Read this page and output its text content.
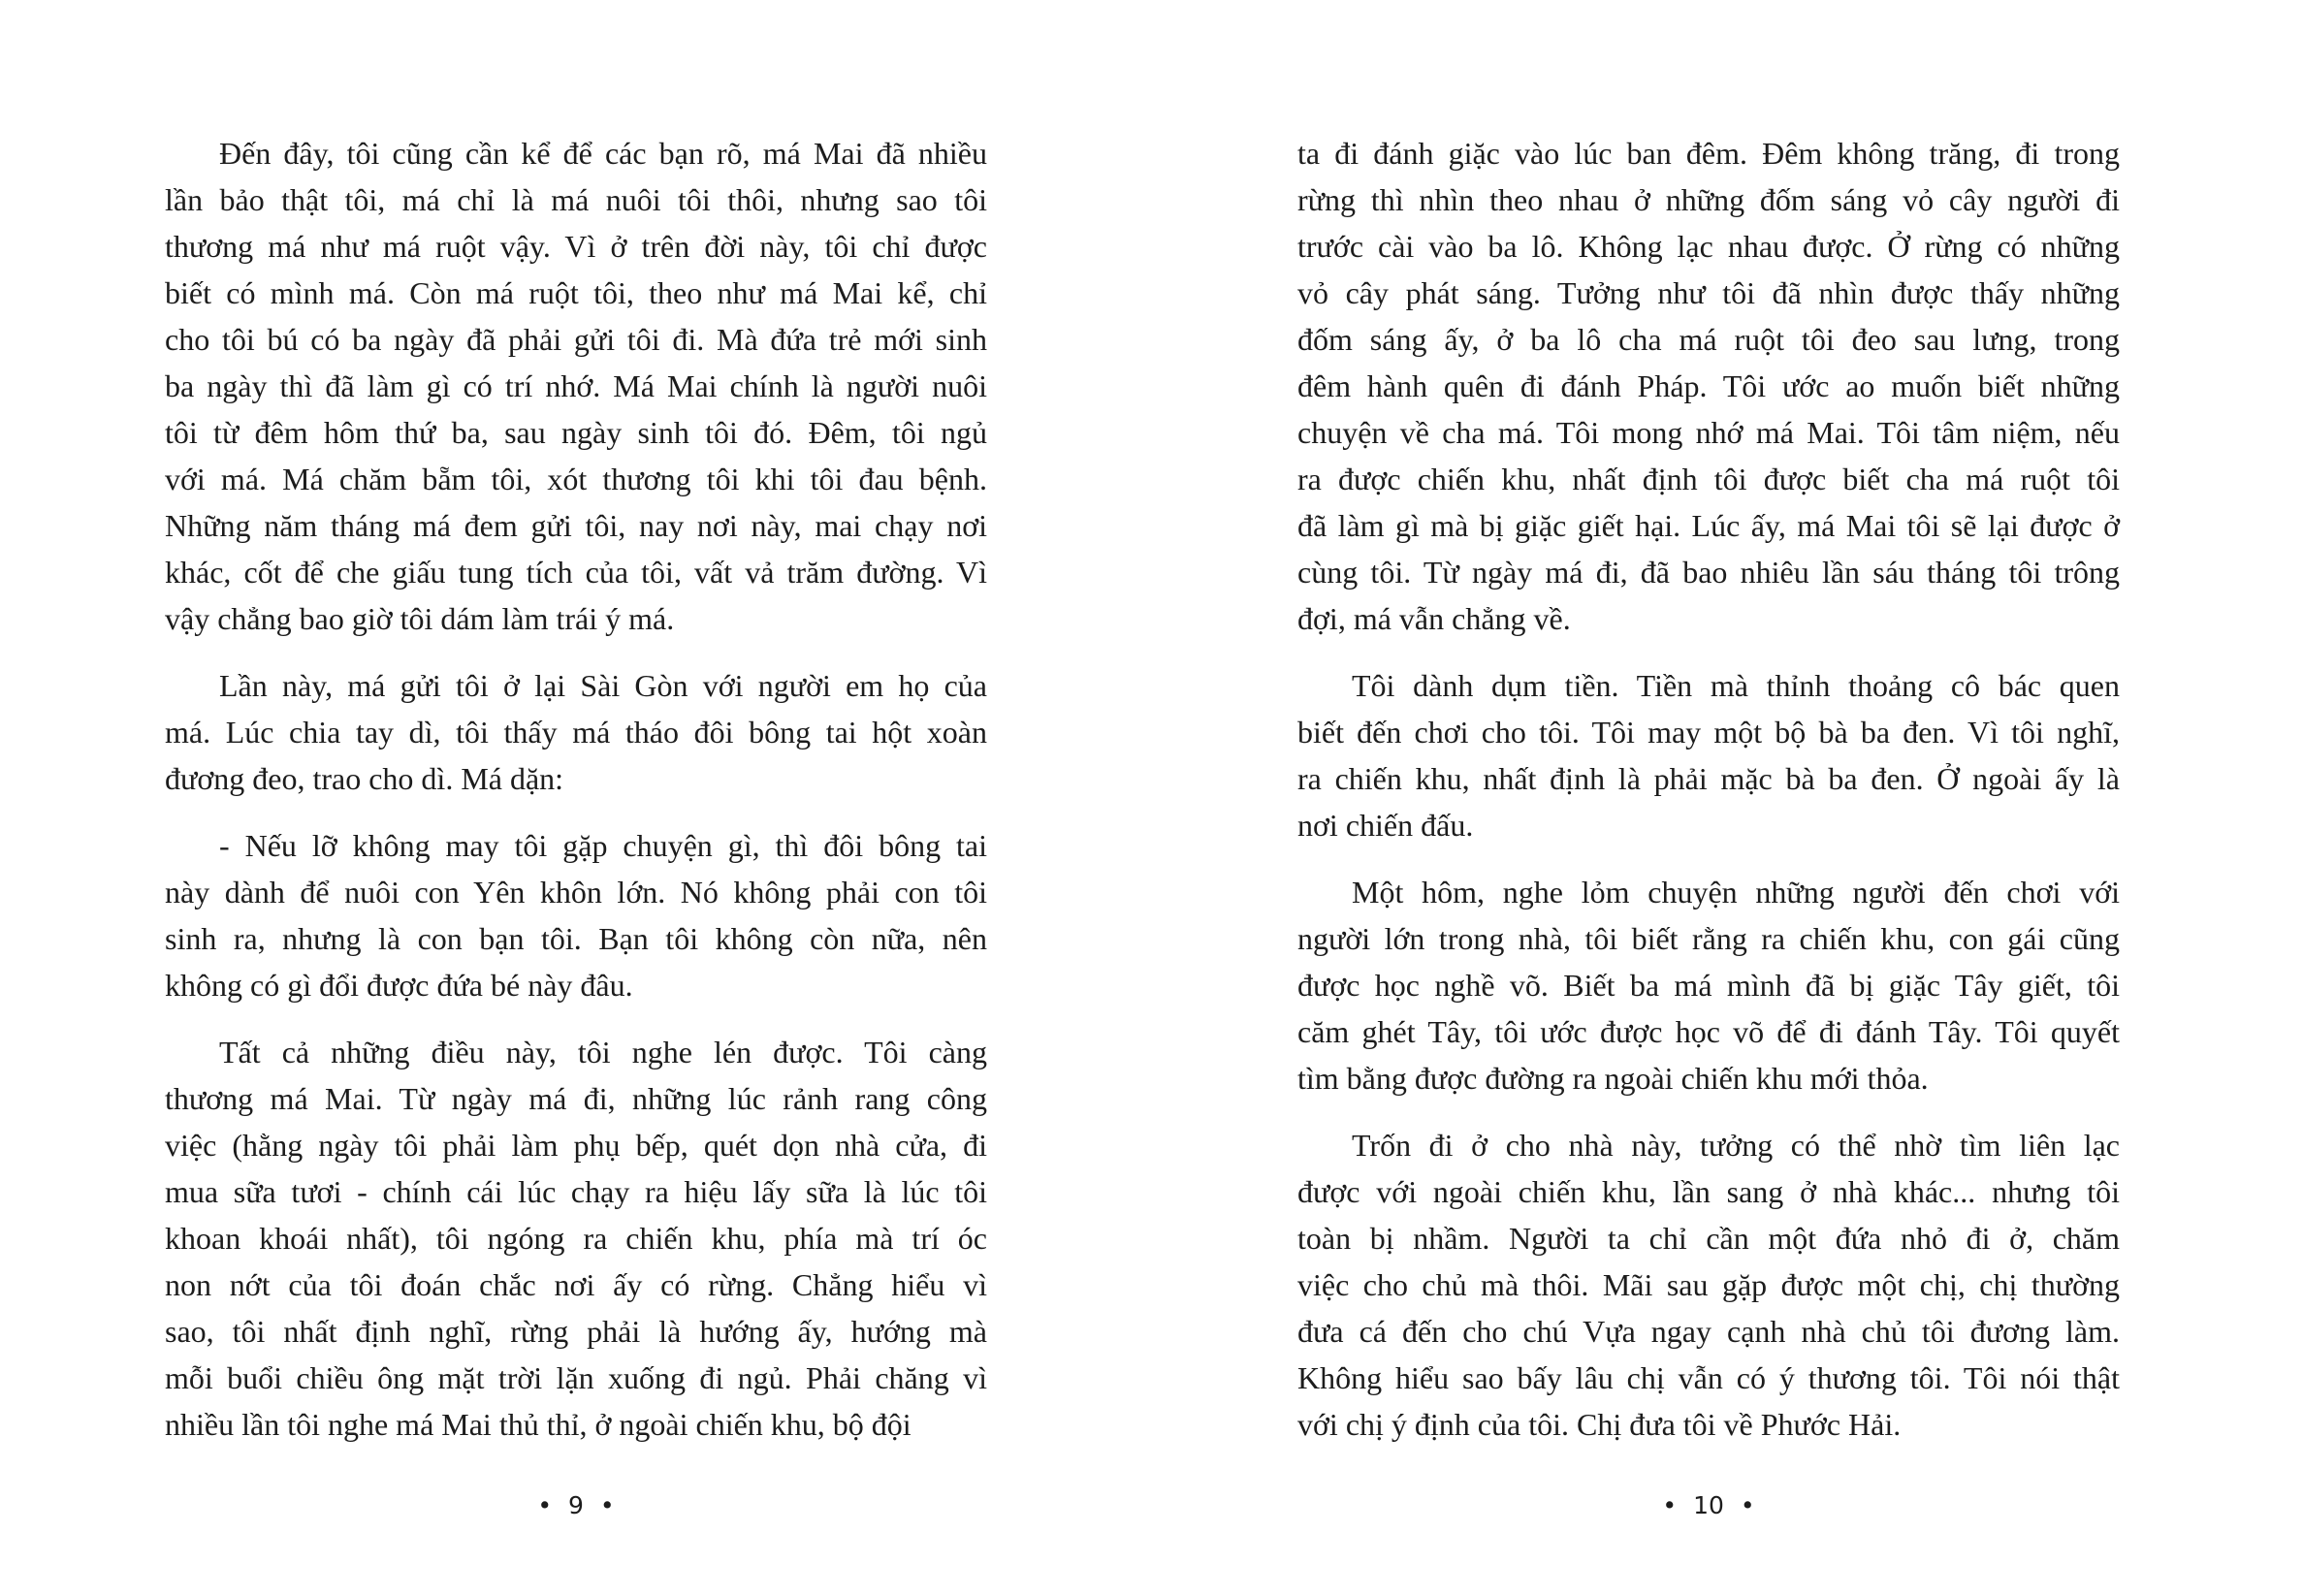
Đến đây, tôi cũng cần kể để các bạn rõ, má Mai đã nhiều
lần bảo thật tôi, má chỉ là má nuôi tôi thôi, nhưng sao tôi
thương má như má ruột vậy. Vì ở trên đời này, tôi chỉ được
biết có mình má. Còn má ruột tôi, theo như má Mai kể, chỉ
cho tôi bú có ba ngày đã phải gửi tôi đi. Mà đứa trẻ mới sinh
ba ngày thì đã làm gì có trí nhớ. Má Mai chính là người nuôi
tôi từ đêm hôm thứ ba, sau ngày sinh tôi đó. Đêm, tôi ngủ
với má. Má chăm bẵm tôi, xót thương tôi khi tôi đau bệnh.
Những năm tháng má đem gửi tôi, nay nơi này, mai chạy nơi
khác, cốt để che giấu tung tích của tôi, vất vả trăm đường. Vì
vậy chẳng bao giờ tôi dám làm trái ý má.
Lần này, má gửi tôi ở lại Sài Gòn với người em họ của
má. Lúc chia tay dì, tôi thấy má tháo đôi bông tai hột xoàn
đương đeo, trao cho dì. Má dặn:
- Nếu lỡ không may tôi gặp chuyện gì, thì đôi bông tai
này dành để nuôi con Yên khôn lớn. Nó không phải con tôi
sinh ra, nhưng là con bạn tôi. Bạn tôi không còn nữa, nên
không có gì đổi được đứa bé này đâu.
Tất cả những điều này, tôi nghe lén được. Tôi càng
thương má Mai. Từ ngày má đi, những lúc rảnh rang công
việc (hằng ngày tôi phải làm phụ bếp, quét dọn nhà cửa, đi
mua sữa tươi - chính cái lúc chạy ra hiệu lấy sữa là lúc tôi
khoan khoái nhất), tôi ngóng ra chiến khu, phía mà trí óc
non nớt của tôi đoán chắc nơi ấy có rừng. Chẳng hiểu vì
sao, tôi nhất định nghĩ, rừng phải là hướng ấy, hướng mà
mỗi buổi chiều ông mặt trời lặn xuống đi ngủ. Phải chăng vì
nhiều lần tôi nghe má Mai thủ thỉ, ở ngoài chiến khu, bộ đội
• 9 •
ta đi đánh giặc vào lúc ban đêm. Đêm không trăng, đi trong
rừng thì nhìn theo nhau ở những đốm sáng vỏ cây người đi
trước cài vào ba lô. Không lạc nhau được. Ở rừng có những
vỏ cây phát sáng. Tưởng như tôi đã nhìn được thấy những
đốm sáng ấy, ở ba lô cha má ruột tôi đeo sau lưng, trong
đêm hành quên đi đánh Pháp. Tôi ước ao muốn biết những
chuyện về cha má. Tôi mong nhớ má Mai. Tôi tâm niệm, nếu
ra được chiến khu, nhất định tôi được biết cha má ruột tôi
đã làm gì mà bị giặc giết hại. Lúc ấy, má Mai tôi sẽ lại được ở
cùng tôi. Từ ngày má đi, đã bao nhiêu lần sáu tháng tôi trông
đợi, má vẫn chẳng về.
Tôi dành dụm tiền. Tiền mà thỉnh thoảng cô bác quen
biết đến chơi cho tôi. Tôi may một bộ bà ba đen. Vì tôi nghĩ,
ra chiến khu, nhất định là phải mặc bà ba đen. Ở ngoài ấy là
nơi chiến đấu.
Một hôm, nghe lỏm chuyện những người đến chơi với
người lớn trong nhà, tôi biết rằng ra chiến khu, con gái cũng
được học nghề võ. Biết ba má mình đã bị giặc Tây giết, tôi
căm ghét Tây, tôi ước được học võ để đi đánh Tây. Tôi quyết
tìm bằng được đường ra ngoài chiến khu mới thỏa.
Trốn đi ở cho nhà này, tưởng có thể nhờ tìm liên lạc
được với ngoài chiến khu, lần sang ở nhà khác... nhưng tôi
toàn bị nhầm. Người ta chỉ cần một đứa nhỏ đi ở, chăm
việc cho chủ mà thôi. Mãi sau gặp được một chị, chị thường
đưa cá đến cho chú Vựa ngay cạnh nhà chủ tôi đương làm.
Không hiểu sao bấy lâu chị vẫn có ý thương tôi. Tôi nói thật
với chị ý định của tôi. Chị đưa tôi về Phước Hải.
• 10 •
